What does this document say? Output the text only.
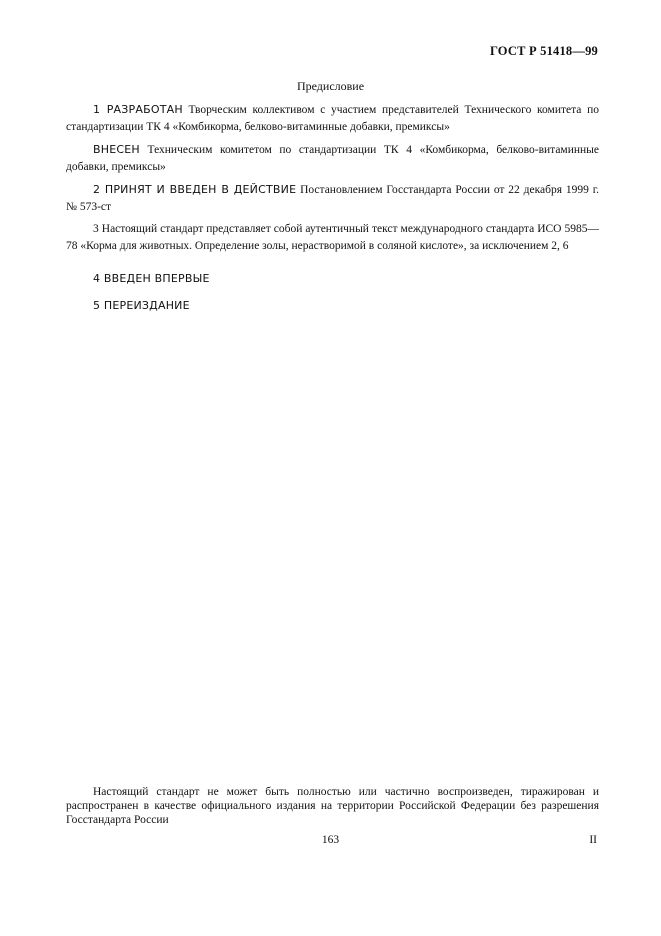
ГОСТ Р 51418—99
Предисловие

1 РАЗРАБОТАН Творческим коллективом с участием представителей Технического комитета по стандартизации ТК 4 «Комбикорма, белково-витаминные добавки, премиксы»

ВНЕСЕН Техническим комитетом по стандартизации ТК 4 «Комбикорма, белково-витаминные добавки, премиксы»

2 ПРИНЯТ И ВВЕДЕН В ДЕЙСТВИЕ Постановлением Госстандарта России от 22 декабря 1999 г. № 573-ст

3 Настоящий стандарт представляет собой аутентичный текст международного стандарта ИСО 5985—78 «Корма для животных. Определение золы, нерастворимой в соляной кислоте», за исключением 2, 6

4 ВВЕДЕН ВПЕРВЫЕ

5 ПЕРЕИЗДАНИЕ

Настоящий стандарт не может быть полностью или частично воспроизведен, тиражирован и распространен в качестве официального издания на территории Российской Федерации без разрешения Госстандарта России

163	II
